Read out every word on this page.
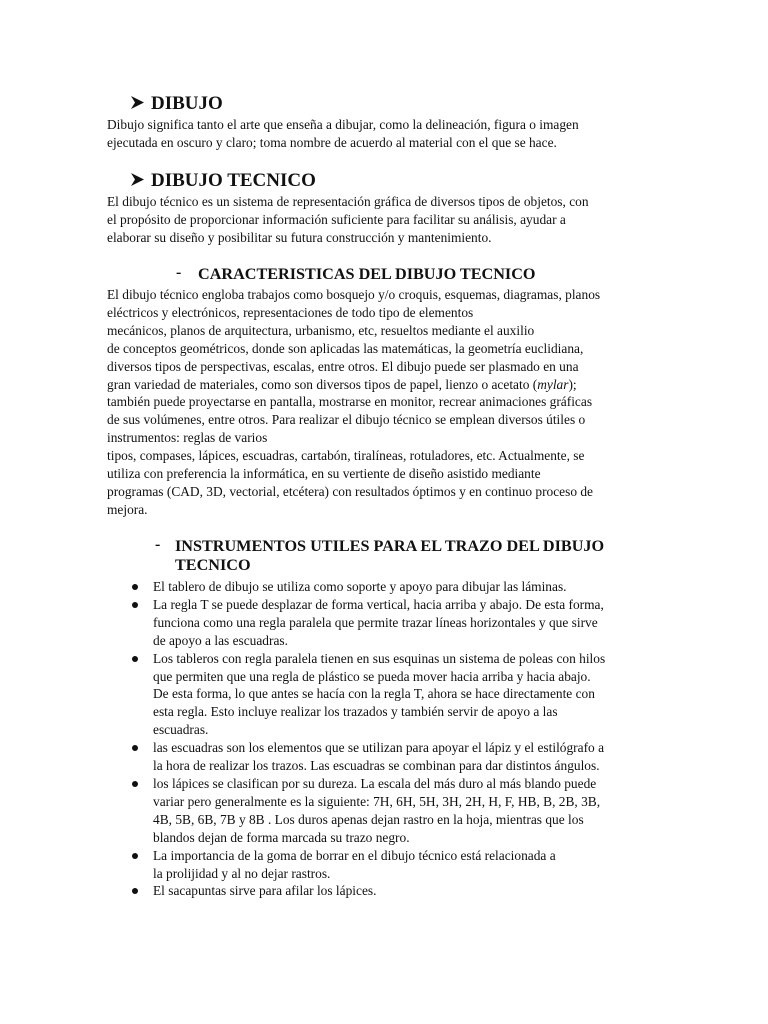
DIBUJO
Dibujo significa tanto el arte que enseña a dibujar, como la delineación, figura o imagen
ejecutada en oscuro y claro; toma nombre de acuerdo al material con el que se hace.
DIBUJO TECNICO
El dibujo técnico es un sistema de representación gráfica de diversos tipos de objetos, con
el propósito de proporcionar información suficiente para facilitar su análisis, ayudar a
elaborar su diseño y posibilitar su futura construcción y mantenimiento.
- CARACTERISTICAS DEL DIBUJO TECNICO
El dibujo técnico engloba trabajos como bosquejo y/o croquis, esquemas, diagramas, planos
eléctricos y electrónicos, representaciones de todo tipo de elementos
mecánicos, planos de arquitectura, urbanismo, etc, resueltos mediante el auxilio
de conceptos geométricos, donde son aplicadas las matemáticas, la geometría euclidiana,
diversos tipos de perspectivas, escalas, entre otros. El dibujo puede ser plasmado en una
gran variedad de materiales, como son diversos tipos de papel, lienzo o acetato (mylar);
también puede proyectarse en pantalla, mostrarse en monitor, recrear animaciones gráficas
de sus volúmenes, entre otros. Para realizar el dibujo técnico se emplean diversos útiles o
instrumentos: reglas de varios
tipos, compases, lápices, escuadras, cartabón, tiralíneas, rotuladores, etc. Actualmente, se
utiliza con preferencia la informática, en su vertiente de diseño asistido mediante
programas (CAD, 3D, vectorial, etcétera) con resultados óptimos y en continuo proceso de
mejora.
- INSTRUMENTOS UTILES PARA EL TRAZO DEL DIBUJO
TECNICO
El tablero de dibujo se utiliza como soporte y apoyo para dibujar las láminas.
La regla T se puede desplazar de forma vertical, hacia arriba y abajo. De esta forma,
funciona como una regla paralela que permite trazar líneas horizontales y que sirve
de apoyo a las escuadras.
Los tableros con regla paralela tienen en sus esquinas un sistema de poleas con hilos
que permiten que una regla de plástico se pueda mover hacia arriba y hacia abajo.
De esta forma, lo que antes se hacía con la regla T, ahora se hace directamente con
esta regla. Esto incluye realizar los trazados y también servir de apoyo a las
escuadras.
las escuadras son los elementos que se utilizan para apoyar el lápiz y el estilógrafo a
la hora de realizar los trazos. Las escuadras se combinan para dar distintos ángulos.
los lápices se clasifican por su dureza. La escala del más duro al más blando puede
variar pero generalmente es la siguiente: 7H, 6H, 5H, 3H, 2H, H, F, HB, B, 2B, 3B,
4B, 5B, 6B, 7B y 8B . Los duros apenas dejan rastro en la hoja, mientras que los
blandos dejan de forma marcada su trazo negro.
La importancia de la goma de borrar en el dibujo técnico está relacionada a
la prolijidad y al no dejar rastros.
El sacapuntas sirve para afilar los lápices.
